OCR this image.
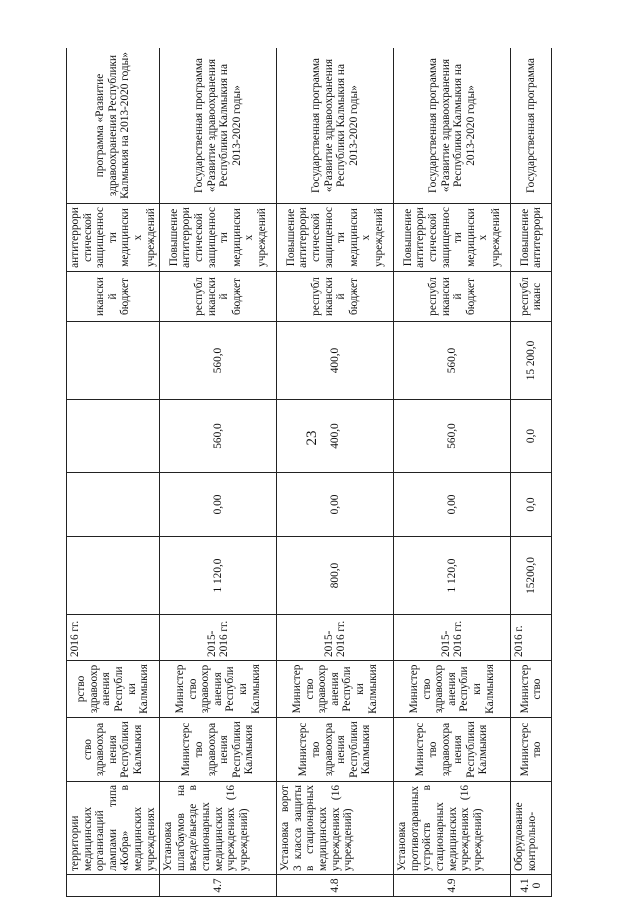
23
	территории медицинских организаций лампами типа «Кобра» в медицинских учреждениях	ство здравоохранения Республики Калмыкия	рство здравоохранения Республики Калмыкия	2016 гг.					иканский бюджет	антитеррористической защищенности медицинских учреждений	программа «Развитие здравоохранения Республики Калмыкия на 2013-2020 годы»
4.7	Установка шлагбаумов на въезде/выезде в стационарных медицинских учреждениях (16 учреждений)	Министерство здравоохранения Республики Калмыкия	Министерство здравоохранения Республики Калмыкия	2015-2016 гг.	1 120,0	0,00	560,0	560,0	республиканский бюджет	Повышение антитеррористической защищенности медицинских учреждений	Государственная программа «Развитие здравоохранения Республики Калмыкия на 2013-2020 годы»
4.8	Установка ворот 3 класса защиты в стационарных медицинских учреждениях (16 учреждений)	Министерство здравоохранения Республики Калмыкия	Министерство здравоохранения Республики Калмыкия	2015-2016 гг.	800,0	0,00	400,0	400,0	республиканский бюджет	Повышение антитеррористической защищенности медицинских учреждений	Государственная программа «Развитие здравоохранения Республики Калмыкия на 2013-2020 годы»
4.9	Установка противотаранных устройств в стационарных медицинских учреждениях (16 учреждений)	Министерство здравоохранения Республики Калмыкия	Министерство здравоохранения Республики Калмыкия	2015-2016 гг.	1 120,0	0,00	560,0	560,0	республиканский бюджет	Повышение антитеррористической защищенности медицинских учреждений	Государственная программа «Развитие здравоохранения Республики Калмыкия на 2013-2020 годы»
4.10	Оборудование контрольно-	Министерство	Министерство	2016 г.	15200,0	0,0	0,0	15 200,0	республиканс	Повышение антитеррори	Государственная программа
